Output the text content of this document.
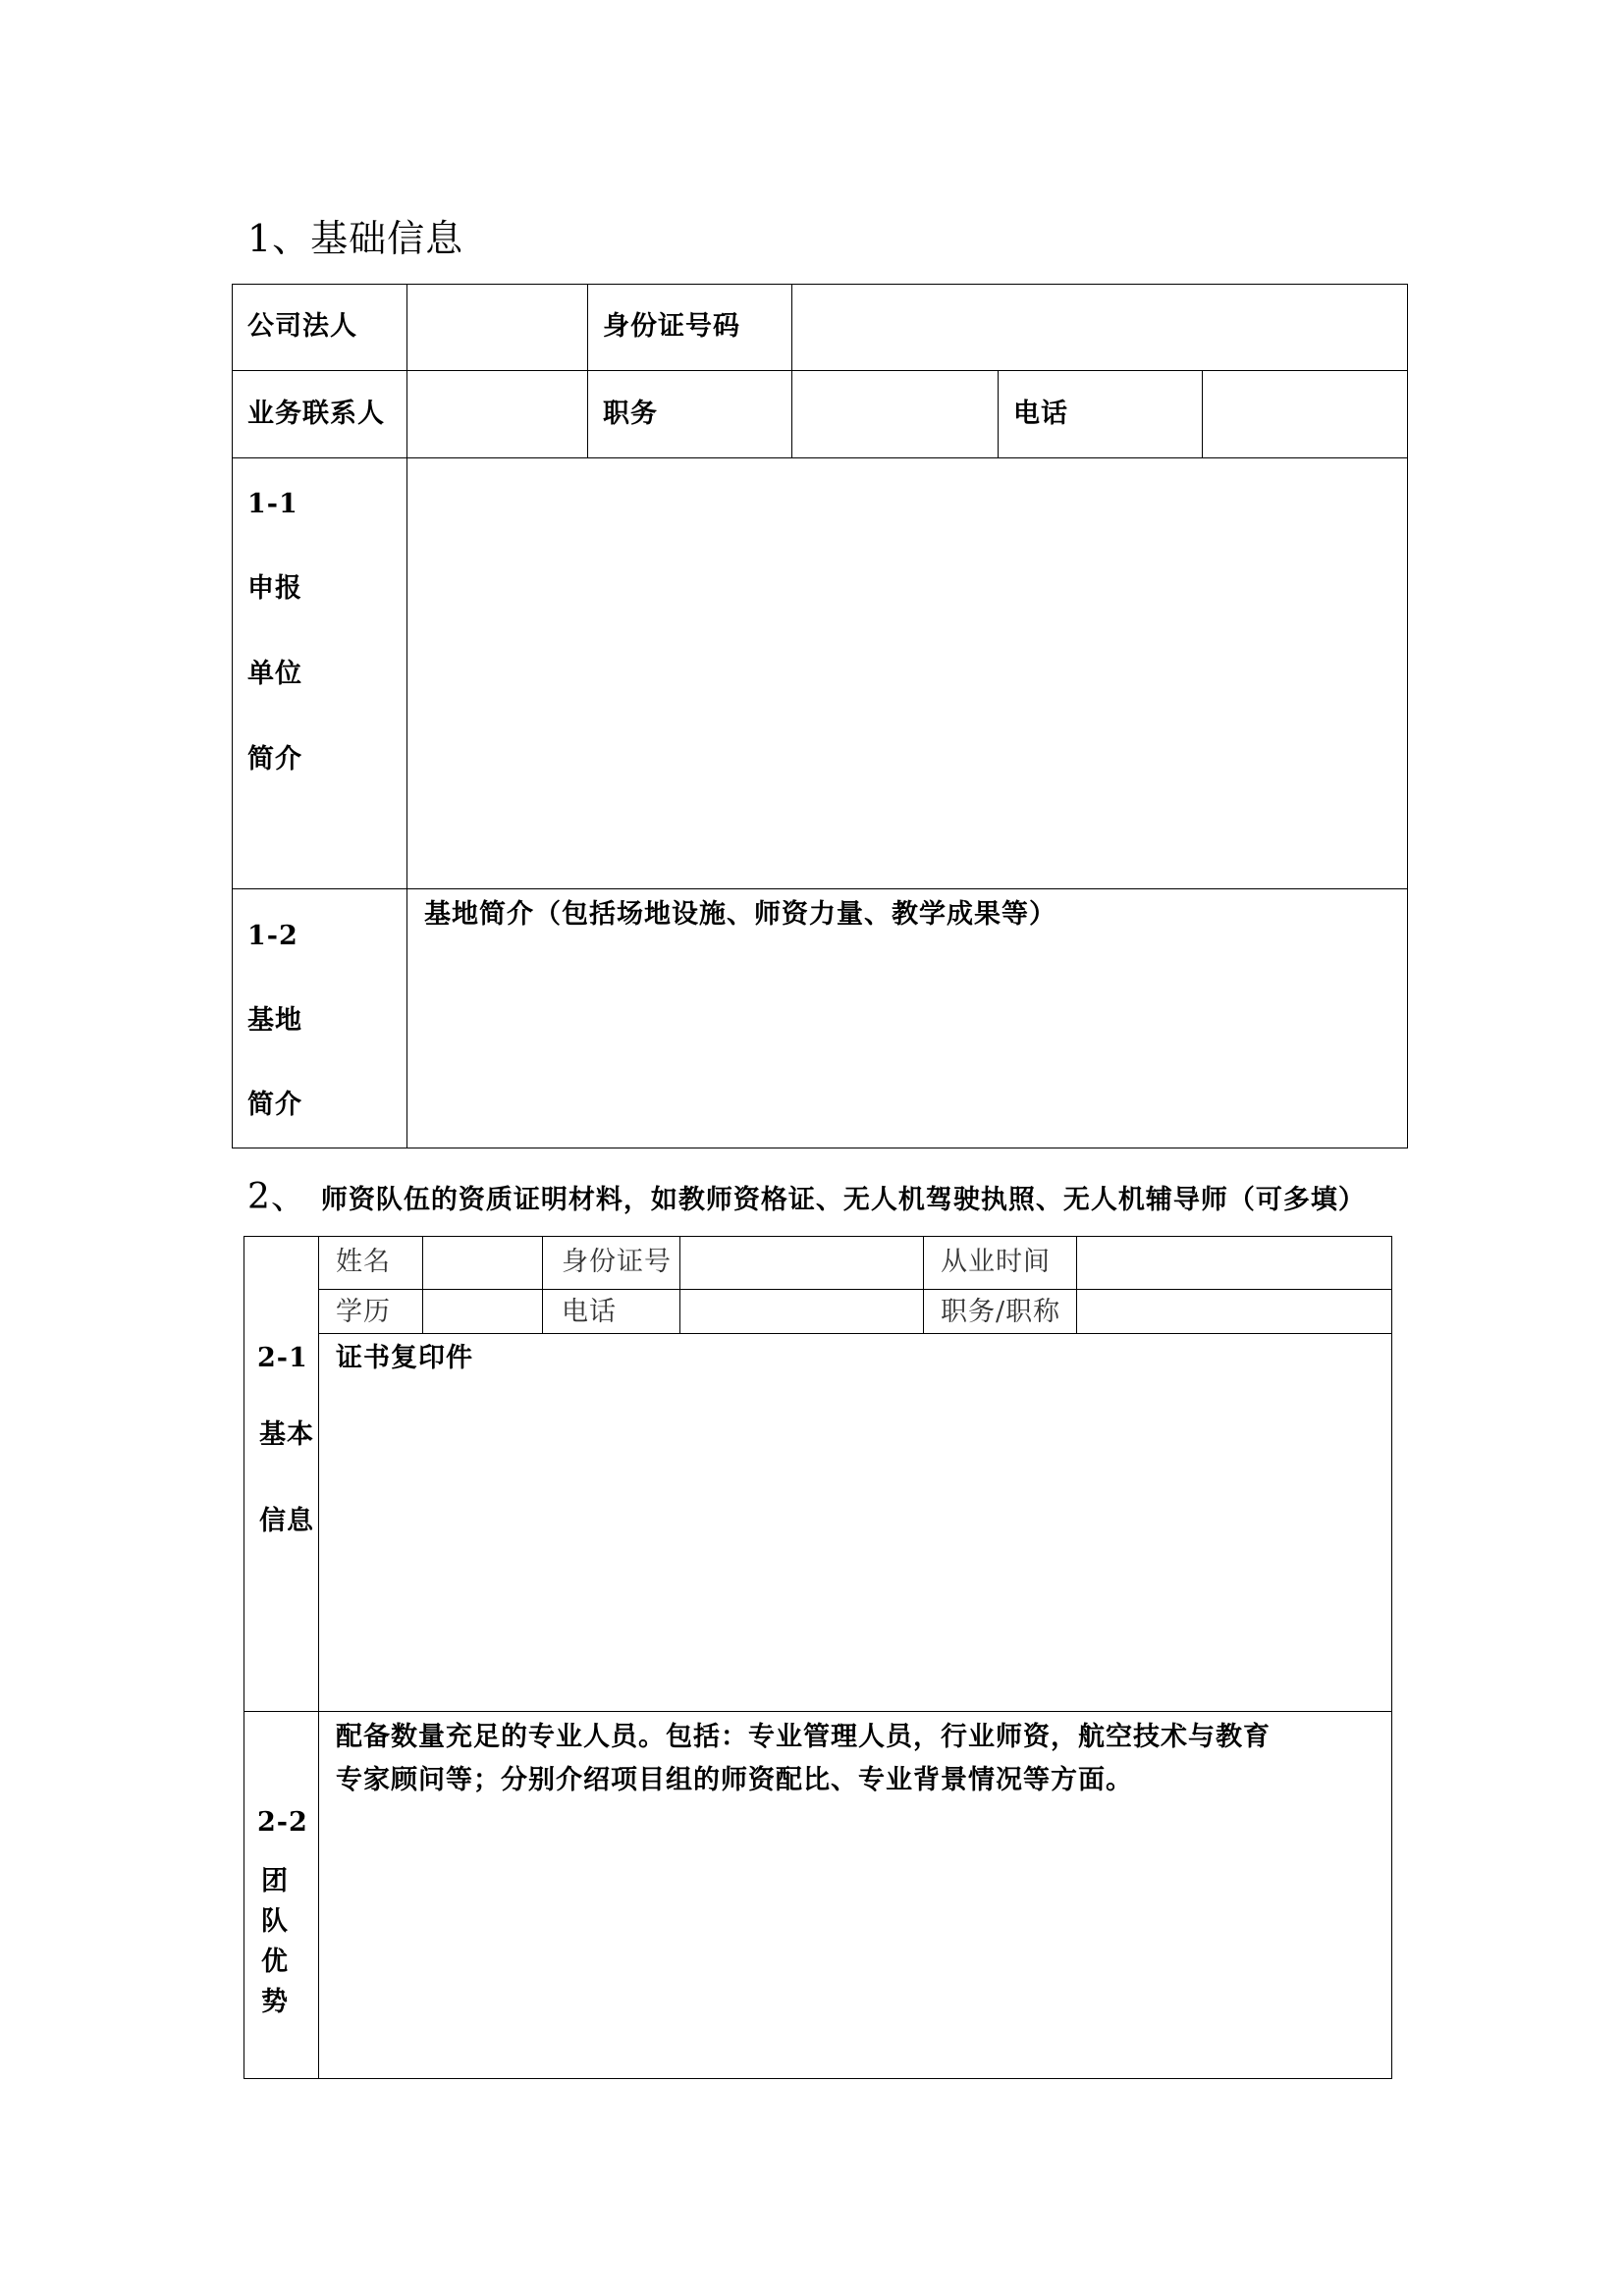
1、基础信息
公司法人	身份证号码
业务联系人	职务	电话
1-1
申报
单位
简介
1-2
基地
简介
基地简介（包括场地设施、师资力量、教学成果等）
2、 师资队伍的资质证明材料，如教师资格证、无人机驾驶执照、无人机辅导师（可多填）
姓名	身份证号	从业时间
学历	电话	职务/职称
2-1
基本
信息
证书复印件
2-2
团
队
优
势
配备数量充足的专业人员。包括：专业管理人员，行业师资，航空技术与教育
专家顾问等；分别介绍项目组的师资配比、专业背景情况等方面。
